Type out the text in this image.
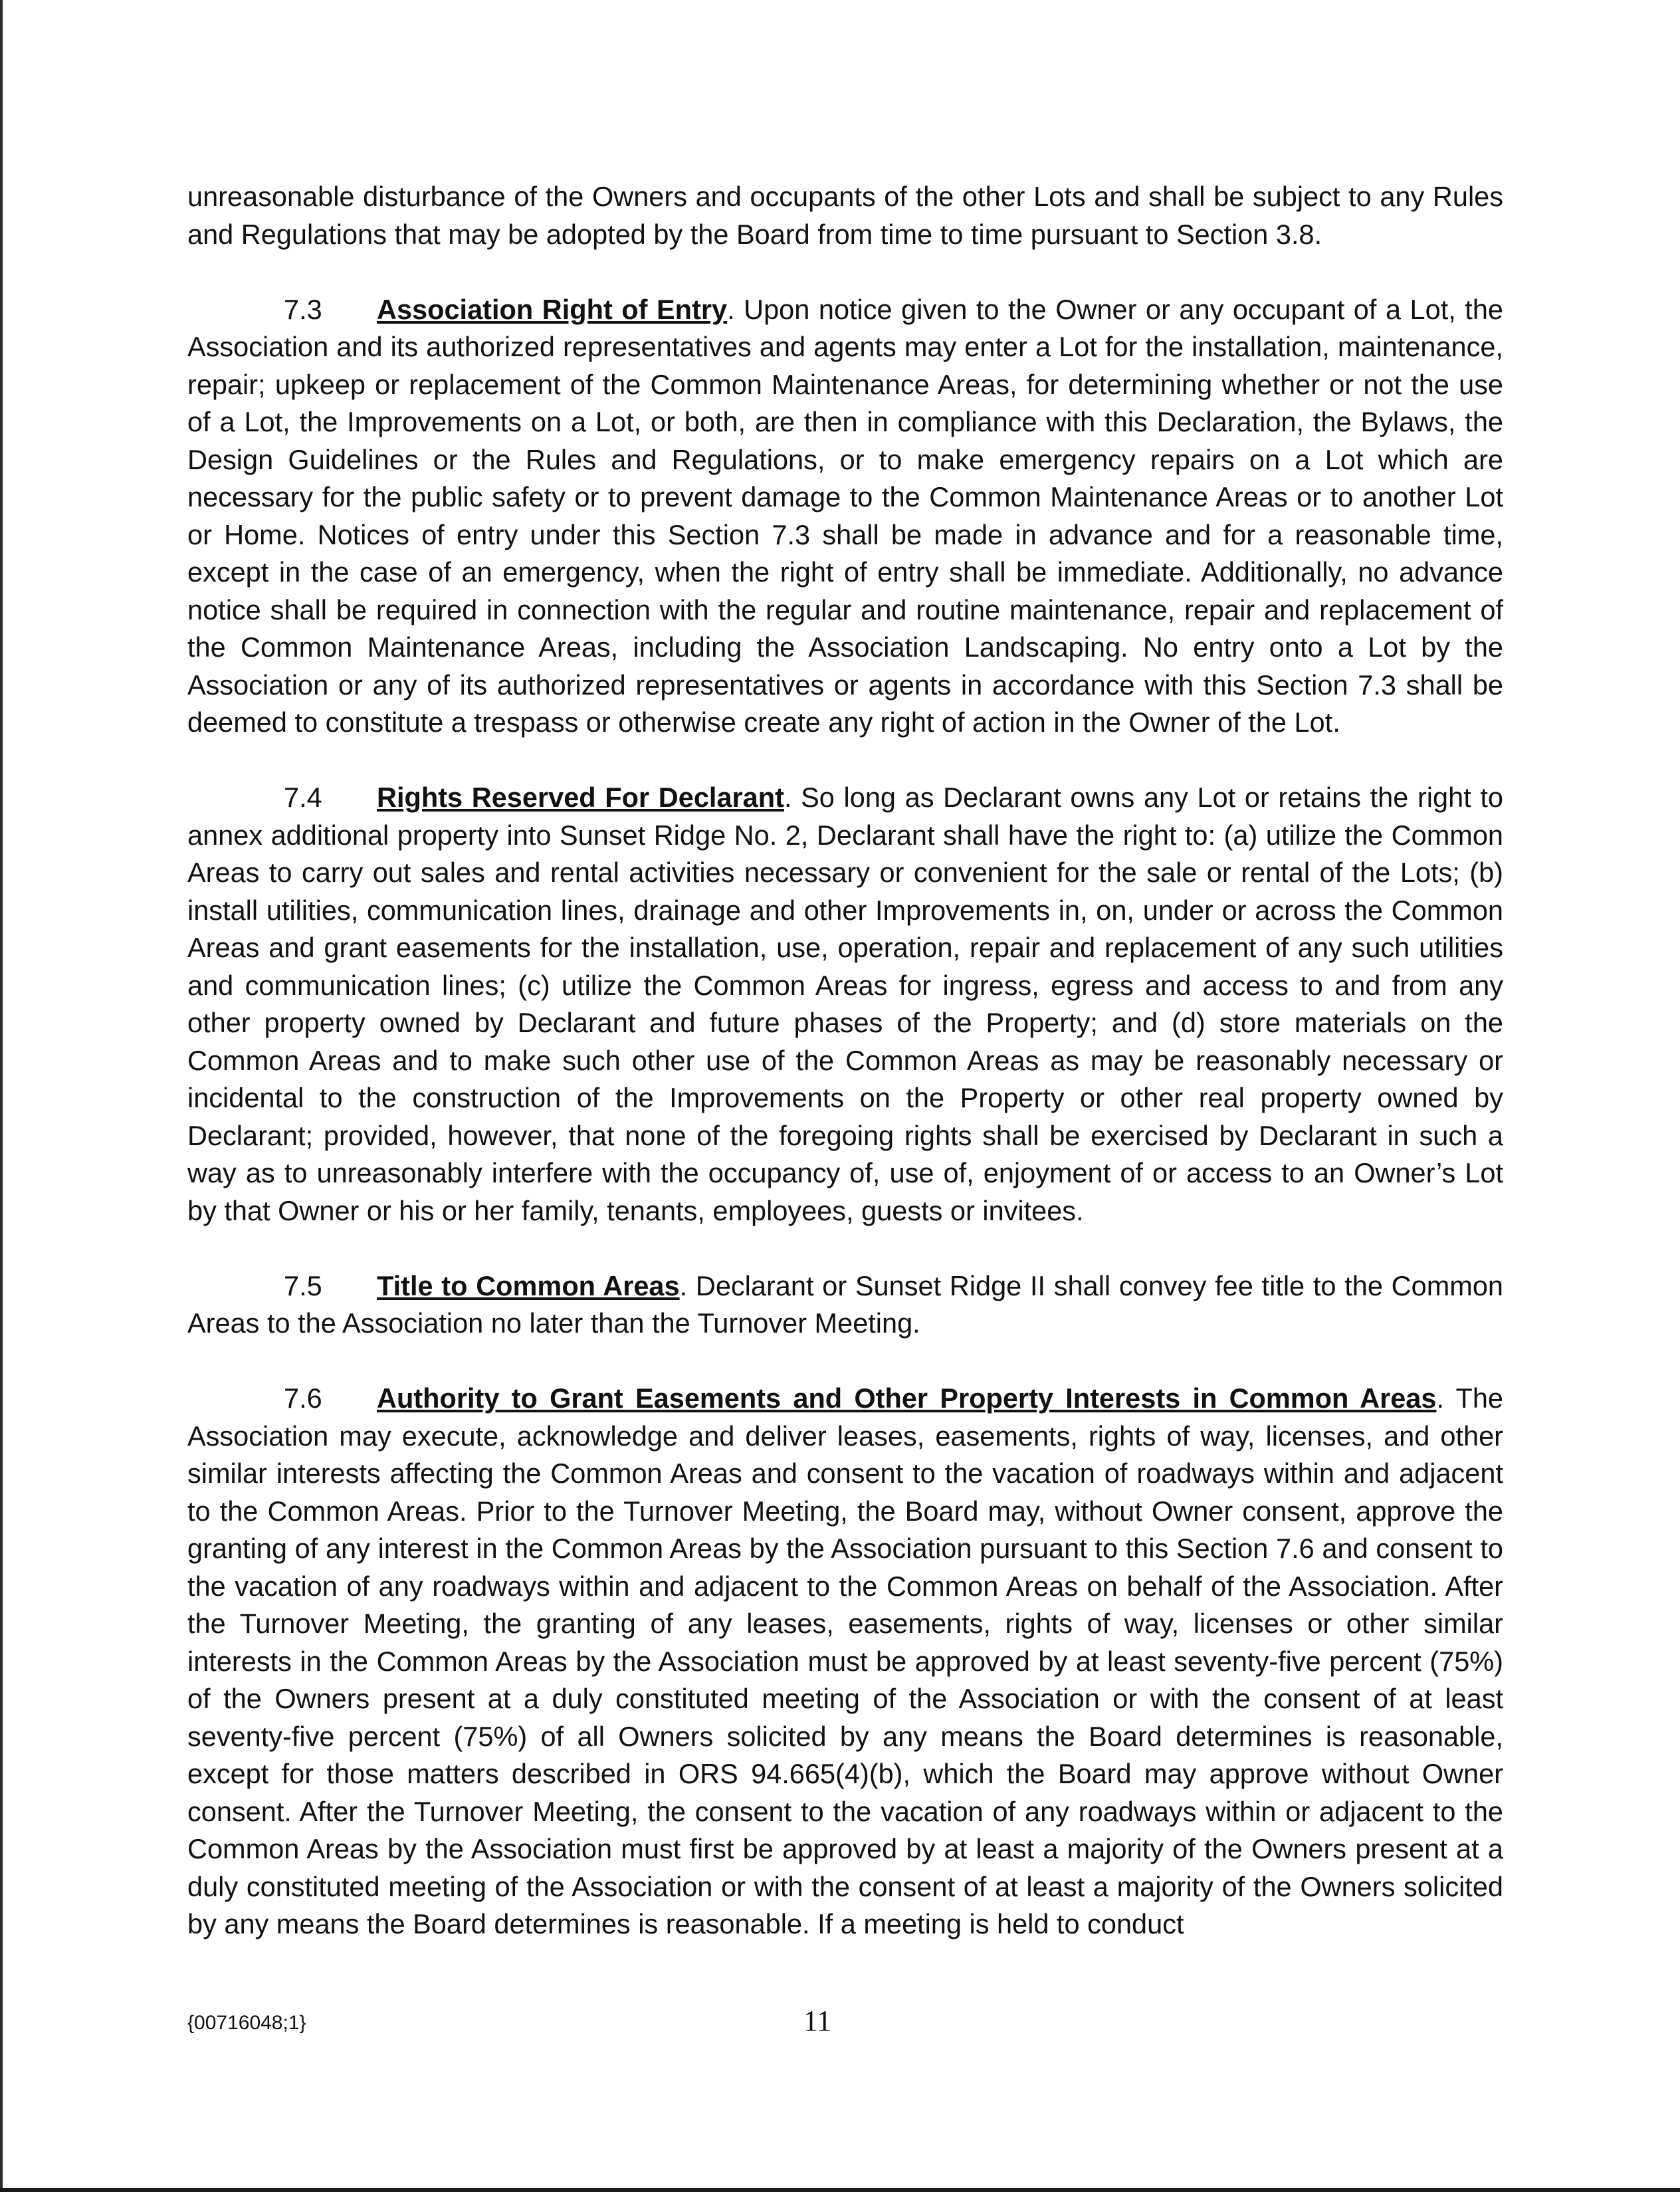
unreasonable disturbance of the Owners and occupants of the other Lots and shall be subject to any Rules and Regulations that may be adopted by the Board from time to time pursuant to Section 3.8.

7.3 Association Right of Entry. Upon notice given to the Owner or any occupant of a Lot, the Association and its authorized representatives and agents may enter a Lot for the installation, maintenance, repair; upkeep or replacement of the Common Maintenance Areas, for determining whether or not the use of a Lot, the Improvements on a Lot, or both, are then in compliance with this Declaration, the Bylaws, the Design Guidelines or the Rules and Regulations, or to make emergency repairs on a Lot which are necessary for the public safety or to prevent damage to the Common Maintenance Areas or to another Lot or Home. Notices of entry under this Section 7.3 shall be made in advance and for a reasonable time, except in the case of an emergency, when the right of entry shall be immediate. Additionally, no advance notice shall be required in connection with the regular and routine maintenance, repair and replacement of the Common Maintenance Areas, including the Association Landscaping. No entry onto a Lot by the Association or any of its authorized representatives or agents in accordance with this Section 7.3 shall be deemed to constitute a trespass or otherwise create any right of action in the Owner of the Lot.

7.4 Rights Reserved For Declarant. So long as Declarant owns any Lot or retains the right to annex additional property into Sunset Ridge No. 2, Declarant shall have the right to: (a) utilize the Common Areas to carry out sales and rental activities necessary or convenient for the sale or rental of the Lots; (b) install utilities, communication lines, drainage and other Improvements in, on, under or across the Common Areas and grant easements for the installation, use, operation, repair and replacement of any such utilities and communication lines; (c) utilize the Common Areas for ingress, egress and access to and from any other property owned by Declarant and future phases of the Property; and (d) store materials on the Common Areas and to make such other use of the Common Areas as may be reasonably necessary or incidental to the construction of the Improvements on the Property or other real property owned by Declarant; provided, however, that none of the foregoing rights shall be exercised by Declarant in such a way as to unreasonably interfere with the occupancy of, use of, enjoyment of or access to an Owner’s Lot by that Owner or his or her family, tenants, employees, guests or invitees.

7.5 Title to Common Areas. Declarant or Sunset Ridge II shall convey fee title to the Common Areas to the Association no later than the Turnover Meeting.

7.6 Authority to Grant Easements and Other Property Interests in Common Areas. The Association may execute, acknowledge and deliver leases, easements, rights of way, licenses, and other similar interests affecting the Common Areas and consent to the vacation of roadways within and adjacent to the Common Areas. Prior to the Turnover Meeting, the Board may, without Owner consent, approve the granting of any interest in the Common Areas by the Association pursuant to this Section 7.6 and consent to the vacation of any roadways within and adjacent to the Common Areas on behalf of the Association. After the Turnover Meeting, the granting of any leases, easements, rights of way, licenses or other similar interests in the Common Areas by the Association must be approved by at least seventy-five percent (75%) of the Owners present at a duly constituted meeting of the Association or with the consent of at least seventy-five percent (75%) of all Owners solicited by any means the Board determines is reasonable, except for those matters described in ORS 94.665(4)(b), which the Board may approve without Owner consent. After the Turnover Meeting, the consent to the vacation of any roadways within or adjacent to the Common Areas by the Association must first be approved by at least a majority of the Owners present at a duly constituted meeting of the Association or with the consent of at least a majority of the Owners solicited by any means the Board determines is reasonable. If a meeting is held to conduct

{00716048;1}	11
